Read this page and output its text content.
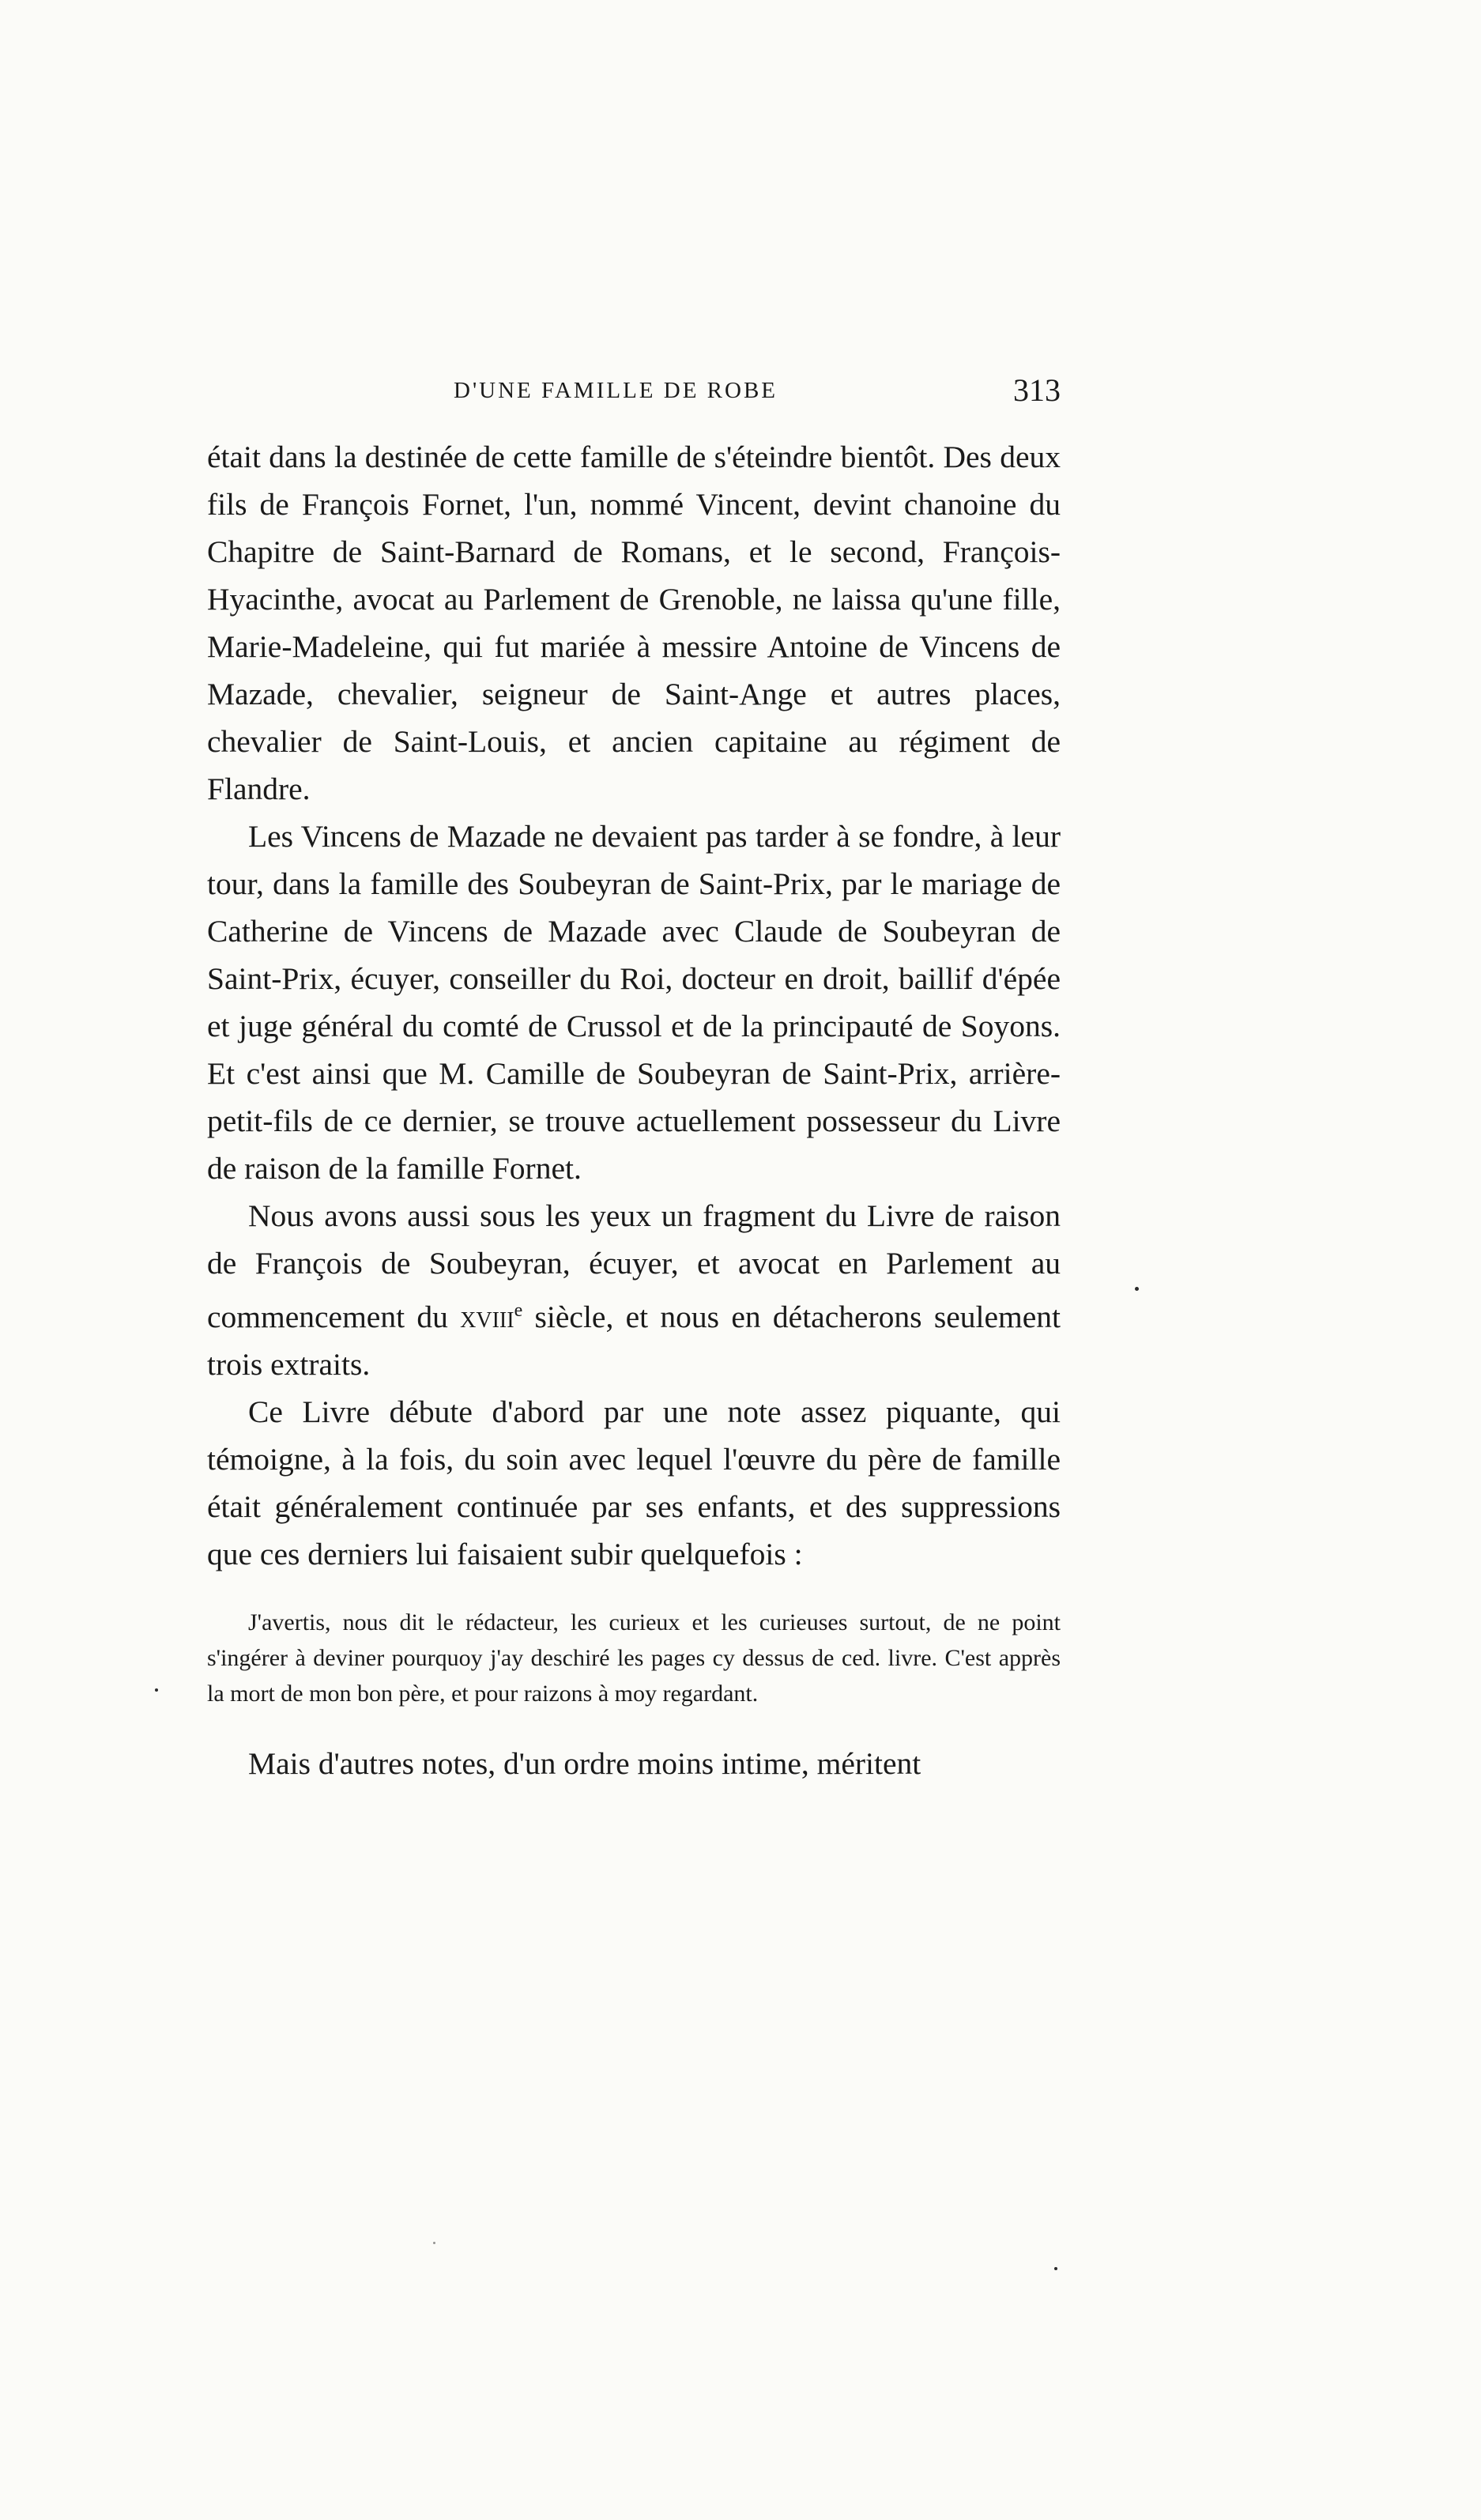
D'UNE FAMILLE DE ROBE	313

était dans la destinée de cette famille de s'éteindre bientôt. Des deux fils de François Fornet, l'un, nommé Vincent, devint chanoine du Chapitre de Saint-Barnard de Romans, et le second, François-Hyacinthe, avocat au Parlement de Grenoble, ne laissa qu'une fille, Marie-Madeleine, qui fut mariée à messire Antoine de Vincens de Mazade, chevalier, seigneur de Saint-Ange et autres places, chevalier de Saint-Louis, et ancien capitaine au régiment de Flandre.

Les Vincens de Mazade ne devaient pas tarder à se fondre, à leur tour, dans la famille des Soubeyran de Saint-Prix, par le mariage de Catherine de Vincens de Mazade avec Claude de Soubeyran de Saint-Prix, écuyer, conseiller du Roi, docteur en droit, baillif d'épée et juge général du comté de Crussol et de la principauté de Soyons. Et c'est ainsi que M. Camille de Soubeyran de Saint-Prix, arrière-petit-fils de ce dernier, se trouve actuellement possesseur du Livre de raison de la famille Fornet.

Nous avons aussi sous les yeux un fragment du Livre de raison de François de Soubeyran, écuyer, et avocat en Parlement au commencement du xviii$^e$ siècle, et nous en détacherons seulement trois extraits.

Ce Livre débute d'abord par une note assez piquante, qui témoigne, à la fois, du soin avec lequel l'œuvre du père de famille était généralement continuée par ses enfants, et des suppressions que ces derniers lui faisaient subir quelquefois :

J'avertis, nous dit le rédacteur, les curieux et les curieuses surtout, de ne point s'ingérer à deviner pourquoy j'ay deschiré les pages cy dessus de ced. livre. C'est apprès la mort de mon bon père, et pour raizons à moy regardant.

Mais d'autres notes, d'un ordre moins intime, méritent
